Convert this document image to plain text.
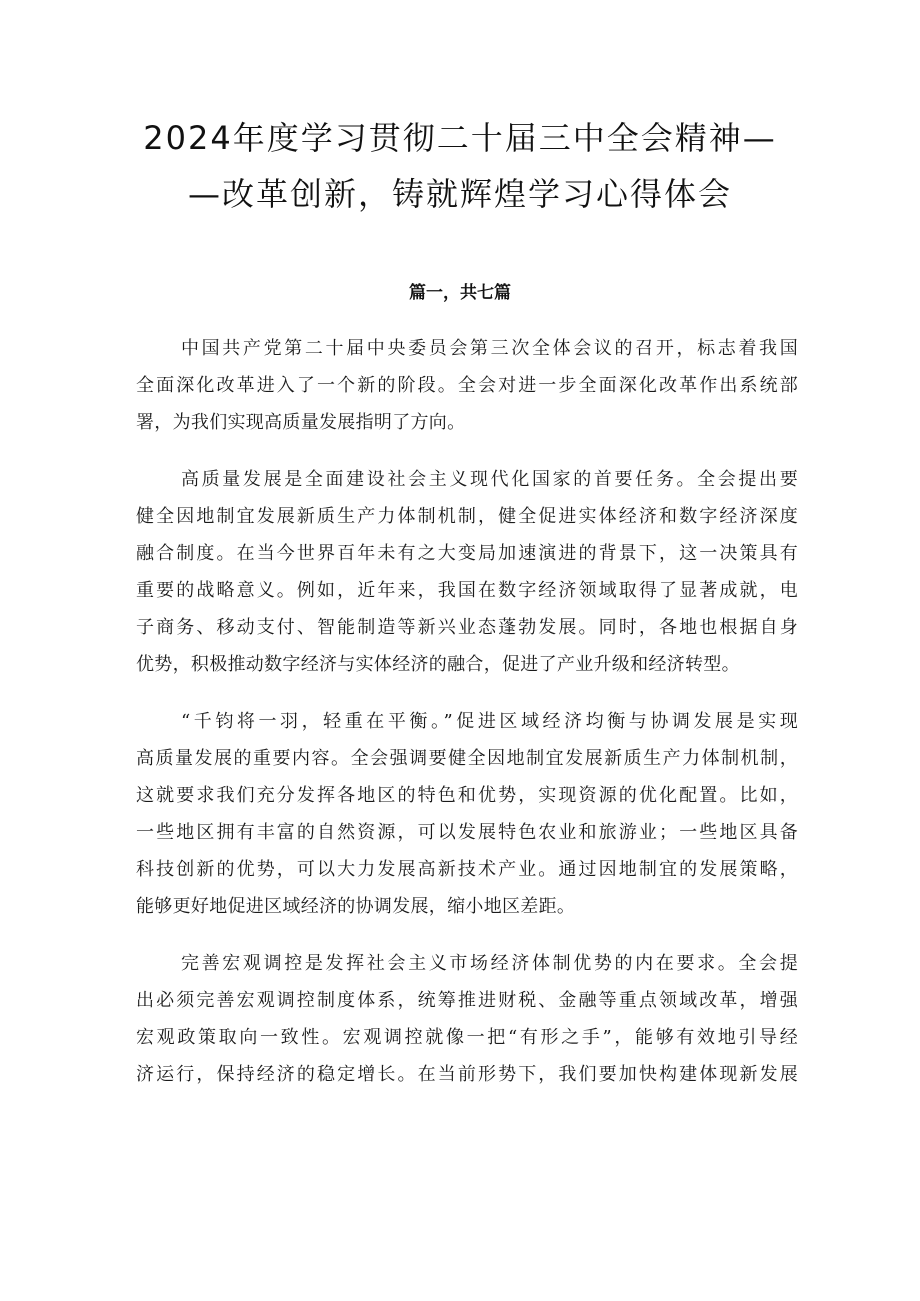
2024年度学习贯彻二十届三中全会精神—
—改革创新，铸就辉煌学习心得体会
篇一，共七篇
中国共产党第二十届中央委员会第三次全体会议的召开，标志着我国
全面深化改革进入了一个新的阶段。全会对进一步全面深化改革作出系统部
署，为我们实现高质量发展指明了方向。
高质量发展是全面建设社会主义现代化国家的首要任务。全会提出要
健全因地制宜发展新质生产力体制机制，健全促进实体经济和数字经济深度
融合制度。在当今世界百年未有之大变局加速演进的背景下，这一决策具有
重要的战略意义。例如，近年来，我国在数字经济领域取得了显著成就，电
子商务、移动支付、智能制造等新兴业态蓬勃发展。同时，各地也根据自身
优势，积极推动数字经济与实体经济的融合，促进了产业升级和经济转型。
“千钧将一羽，轻重在平衡。”促进区域经济均衡与协调发展是实现
高质量发展的重要内容。全会强调要健全因地制宜发展新质生产力体制机制，
这就要求我们充分发挥各地区的特色和优势，实现资源的优化配置。比如，
一些地区拥有丰富的自然资源，可以发展特色农业和旅游业；一些地区具备
科技创新的优势，可以大力发展高新技术产业。通过因地制宜的发展策略，
能够更好地促进区域经济的协调发展，缩小地区差距。
完善宏观调控是发挥社会主义市场经济体制优势的内在要求。全会提
出必须完善宏观调控制度体系，统筹推进财税、金融等重点领域改革，增强
宏观政策取向一致性。宏观调控就像一把“有形之手”，能够有效地引导经
济运行，保持经济的稳定增长。在当前形势下，我们要加快构建体现新发展
